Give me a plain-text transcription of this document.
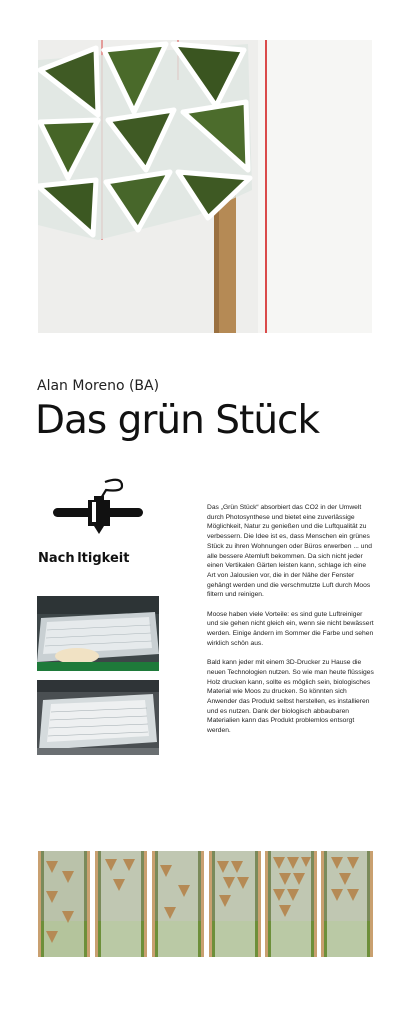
Alan Moreno (BA)
Das grün Stück
Nach ltigkeit

Das „Grün Stück“ absorbiert das CO2 in der Umwelt durch Photosynthese und bietet eine zuverlässige Möglichkeit, Natur zu genießen und die Luftqualität zu verbessern. Die Idee ist es, dass Menschen ein grünes Stück zu ihren Wohnungen oder Büros erwerben ... und alle bessere Atemluft bekommen. Da sich nicht jeder einen Vertikalen Gärten leisten kann, schlage ich eine Art von Jalousien vor, die in der Nähe der Fenster gehängt werden und die verschmutzte Luft durch Moos filtern und reinigen.

Moose haben viele Vorteile: es sind gute Luftreiniger und sie gehen nicht gleich ein, wenn sie nicht bewässert werden. Einige ändern im Sommer die Farbe und sehen wirklich schön aus.

Bald kann jeder mit einem 3D-Drucker zu Hause die neuen Technologien nutzen. So wie man heute flüssiges Holz drucken kann, sollte es möglich sein, biologisches Material wie Moos zu drucken. So könnten sich Anwender das Produkt selbst herstellen, es installieren und es nutzen. Dank der biologisch abbaubaren Materialien kann das Produkt problemlos entsorgt werden.
